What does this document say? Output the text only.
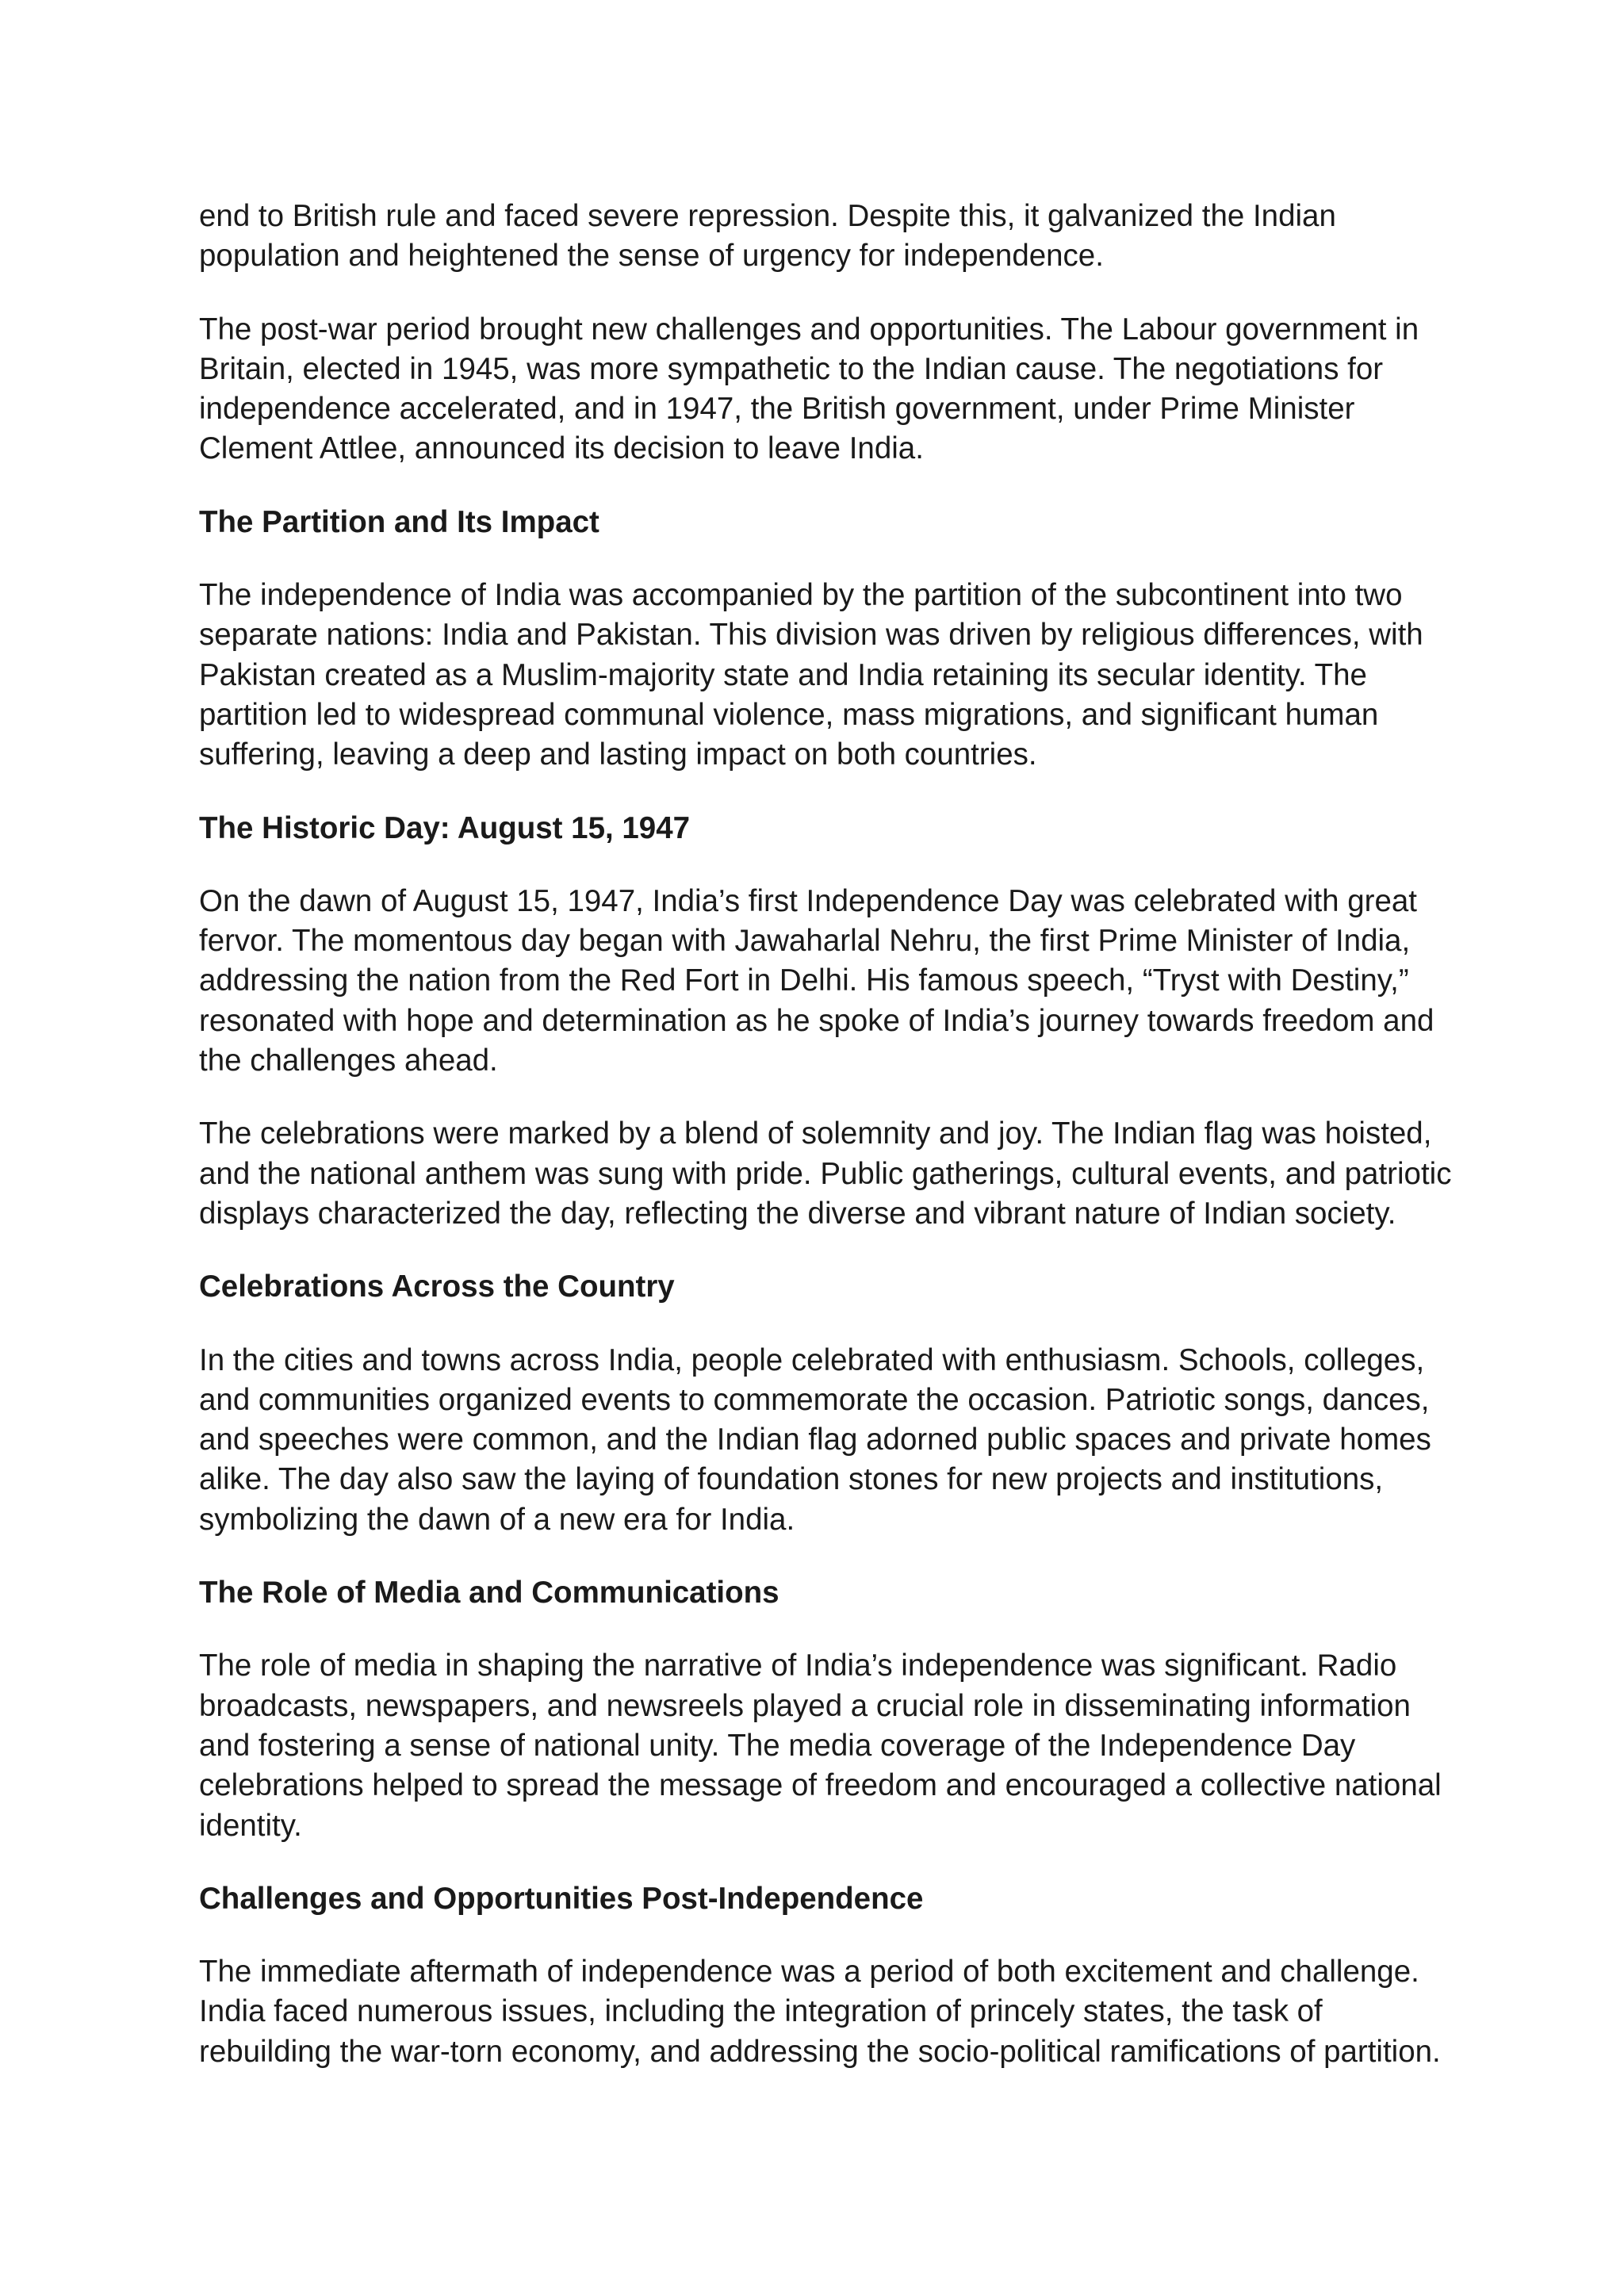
end to British rule and faced severe repression. Despite this, it galvanized the Indian
population and heightened the sense of urgency for independence.
The post-war period brought new challenges and opportunities. The Labour government in
Britain, elected in 1945, was more sympathetic to the Indian cause. The negotiations for
independence accelerated, and in 1947, the British government, under Prime Minister
Clement Attlee, announced its decision to leave India.
The Partition and Its Impact
The independence of India was accompanied by the partition of the subcontinent into two
separate nations: India and Pakistan. This division was driven by religious differences, with
Pakistan created as a Muslim-majority state and India retaining its secular identity. The
partition led to widespread communal violence, mass migrations, and significant human
suffering, leaving a deep and lasting impact on both countries.
The Historic Day: August 15, 1947
On the dawn of August 15, 1947, India’s first Independence Day was celebrated with great
fervor. The momentous day began with Jawaharlal Nehru, the first Prime Minister of India,
addressing the nation from the Red Fort in Delhi. His famous speech, “Tryst with Destiny,”
resonated with hope and determination as he spoke of India’s journey towards freedom and
the challenges ahead.
The celebrations were marked by a blend of solemnity and joy. The Indian flag was hoisted,
and the national anthem was sung with pride. Public gatherings, cultural events, and patriotic
displays characterized the day, reflecting the diverse and vibrant nature of Indian society.
Celebrations Across the Country
In the cities and towns across India, people celebrated with enthusiasm. Schools, colleges,
and communities organized events to commemorate the occasion. Patriotic songs, dances,
and speeches were common, and the Indian flag adorned public spaces and private homes
alike. The day also saw the laying of foundation stones for new projects and institutions,
symbolizing the dawn of a new era for India.
The Role of Media and Communications
The role of media in shaping the narrative of India’s independence was significant. Radio
broadcasts, newspapers, and newsreels played a crucial role in disseminating information
and fostering a sense of national unity. The media coverage of the Independence Day
celebrations helped to spread the message of freedom and encouraged a collective national
identity.
Challenges and Opportunities Post-Independence
The immediate aftermath of independence was a period of both excitement and challenge.
India faced numerous issues, including the integration of princely states, the task of
rebuilding the war-torn economy, and addressing the socio-political ramifications of partition.
